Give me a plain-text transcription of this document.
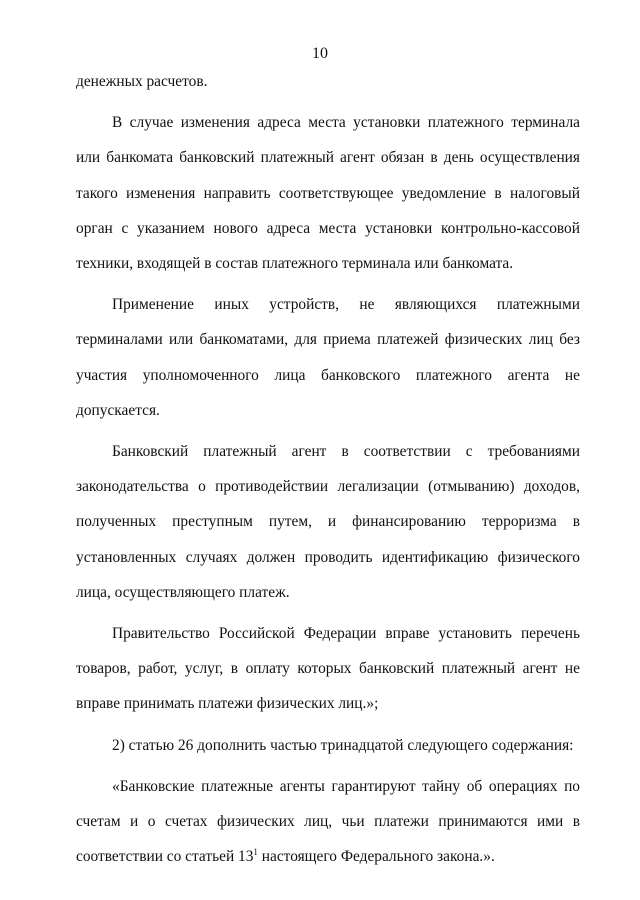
10

денежных расчетов.

В случае изменения адреса места установки платежного терминала или банкомата банковский платежный агент обязан в день осуществления такого изменения направить соответствующее уведомление в налоговый орган с указанием нового адреса места установки контрольно-кассовой техники, входящей в состав платежного терминала или банкомата.

Применение иных устройств, не являющихся платежными терминалами или банкоматами, для приема платежей физических лиц без участия уполномоченного лица банковского платежного агента не допускается.

Банковский платежный агент в соответствии с требованиями законодательства о противодействии легализации (отмыванию) доходов, полученных преступным путем, и финансированию терроризма в установленных случаях должен проводить идентификацию физического лица, осуществляющего платеж.

Правительство Российской Федерации вправе установить перечень товаров, работ, услуг, в оплату которых банковский платежный агент не вправе принимать платежи физических лиц.»;

2) статью 26 дополнить частью тринадцатой следующего содержания:

«Банковские платежные агенты гарантируют тайну об операциях по счетам и о счетах физических лиц, чьи платежи принимаются ими в соответствии со статьей $13^1$ настоящего Федерального закона.».
